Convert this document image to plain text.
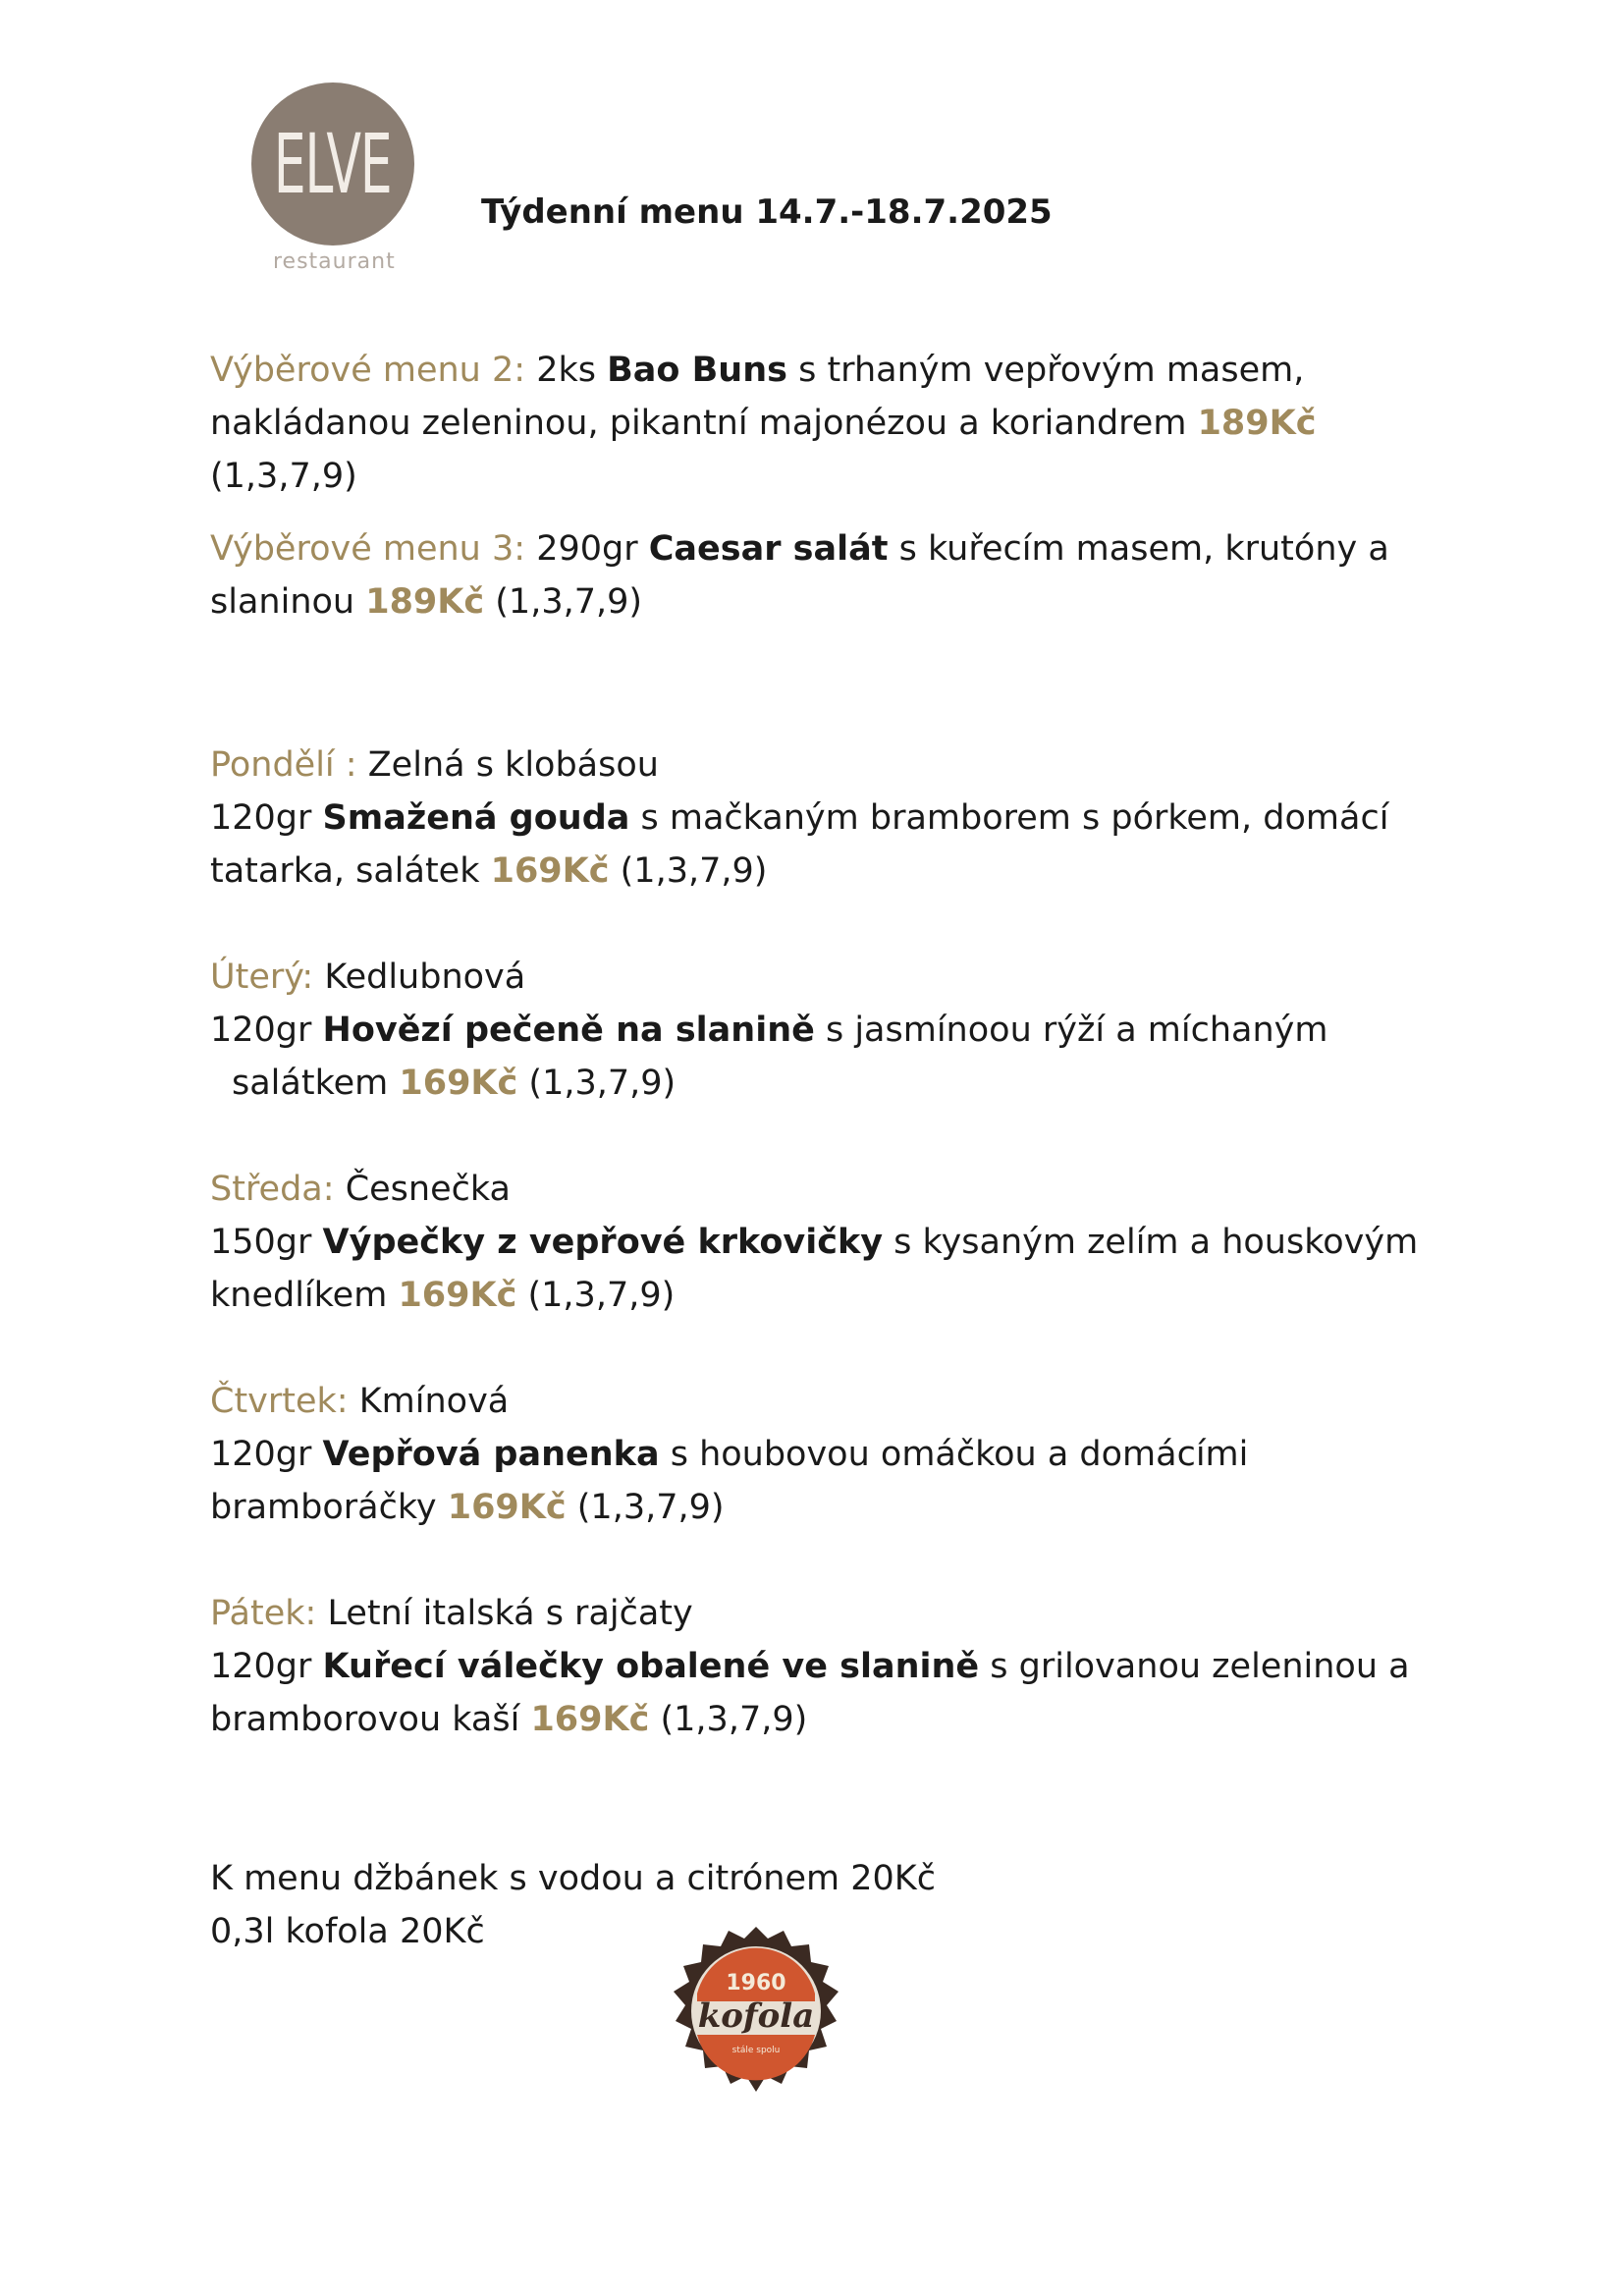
ELVE
restaurant
Týdenní menu 14.7.-18.7.2025

Výběrové menu 2: 2ks Bao Buns s trhaným vepřovým masem, nakládanou zeleninou, pikantní majonézou a koriandrem 189Kč
(1,3,7,9)

Výběrové menu 3: 290gr Caesar salát s kuřecím masem, krutóny a slaninou 189Kč (1,3,7,9)

Pondělí : Zelná s klobásou
120gr Smažená gouda s mačkaným bramborem s pórkem, domácí tatarka, salátek 169Kč (1,3,7,9)

Úterý: Kedlubnová
120gr Hovězí pečeně na slanině s jasmínoou rýží a míchaným
salátkem 169Kč (1,3,7,9)

Středa: Česnečka
150gr Výpečky z vepřové krkovičky s kysaným zelím a houskovým knedlíkem 169Kč (1,3,7,9)

Čtvrtek: Kmínová
120gr Vepřová panenka s houbovou omáčkou a domácími bramboráčky 169Kč (1,3,7,9)

Pátek: Letní italská s rajčaty
120gr Kuřecí válečky obalené ve slanině s grilovanou zeleninou a bramborovou kaší 169Kč (1,3,7,9)

K menu džbánek s vodou a citrónem 20Kč
0,3l kofola 20Kč

1960
kofola
stále spolu
